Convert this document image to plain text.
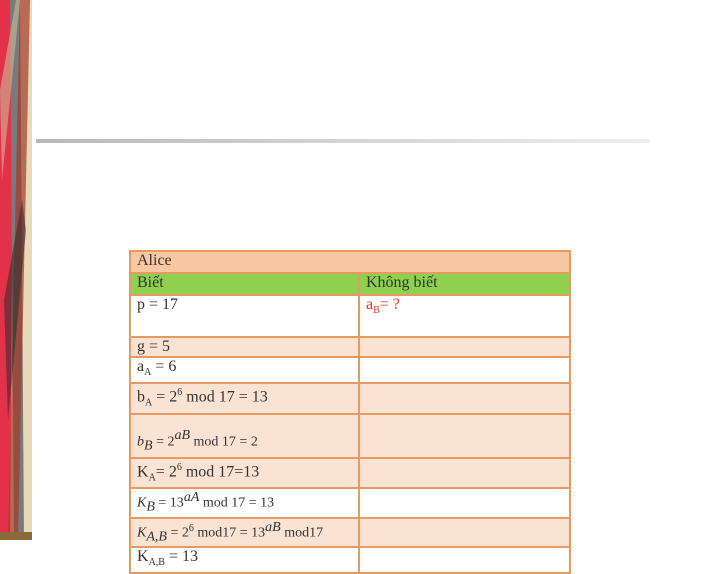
Alice	
Biết	Không biết
p = 17	$a_B=$ ?
g = 5	
$a_A = 6$	
$b_A = 2^6$ mod 17 = 13	
$b_B = 2^{aB}$ mod 17 = 2	
$K_A= 2^6$ mod 17=13	
$K_B = 13^{aA}$ mod 17 = 13	
$K_{A,B} = 2^6$ $mod17 = 13^{aB}$ mod17	
$K_{A,B} = 13$	
